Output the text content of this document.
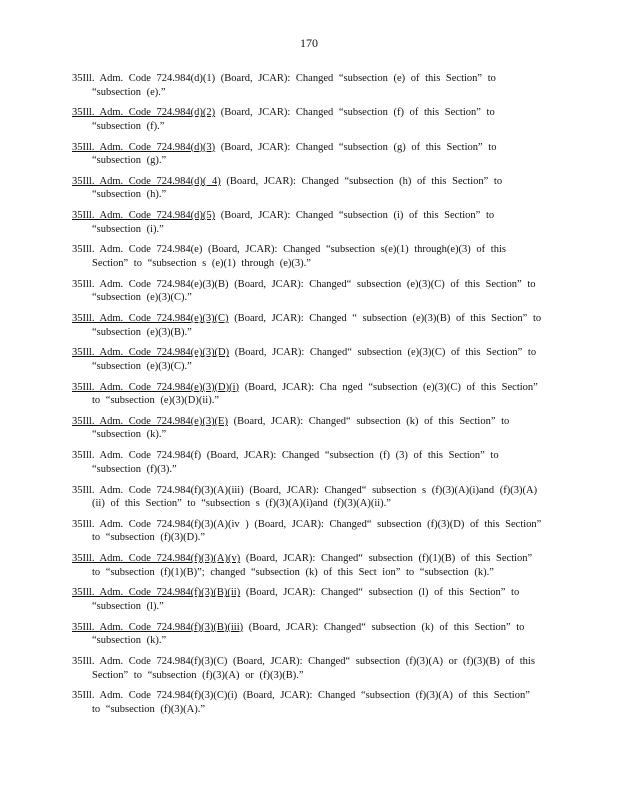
170

35Ill. Adm. Code 724.984(d)(1) (Board, JCAR): Changed “subsection (e) of this Section” to “subsection (e).”

35Ill. Adm. Code 724.984(d)(2) (Board, JCAR): Changed “subsection (f) of this Section” to “subsection (f).”

35Ill. Adm. Code 724.984(d)(3) (Board, JCAR): Changed “subsection (g) of this Section” to “subsection (g).”

35Ill. Adm. Code 724.984(d)( 4) (Board, JCAR): Changed “subsection (h) of this Section” to “subsection (h).”

35Ill. Adm. Code 724.984(d)(5) (Board, JCAR): Changed “subsection (i) of this Section” to “subsection (i).”

35Ill. Adm. Code 724.984(e) (Board, JCAR): Changed “subsection s(e)(1) through(e)(3) of this Section” to “subsection s (e)(1) through (e)(3).”

35Ill. Adm. Code 724.984(e)(3)(B) (Board, JCAR): Changed“ subsection (e)(3)(C) of this Section” to “subsection (e)(3)(C).”

35Ill. Adm. Code 724.984(e)(3)(C) (Board, JCAR): Changed “ subsection (e)(3)(B) of this Section” to “subsection (e)(3)(B).”

35Ill. Adm. Code 724.984(e)(3)(D) (Board, JCAR): Changed“ subsection (e)(3)(C) of this Section” to “subsection (e)(3)(C).”

35Ill. Adm. Code 724.984(e)(3)(D)(i) (Board, JCAR): Cha nged “subsection (e)(3)(C) of this Section” to “subsection (e)(3)(D)(ii).”

35Ill. Adm. Code 724.984(e)(3)(E) (Board, JCAR): Changed“ subsection (k) of this Section” to “subsection (k).”

35Ill. Adm. Code 724.984(f) (Board, JCAR): Changed “subsection (f) (3) of this Section” to “subsection (f)(3).”

35Ill. Adm. Code 724.984(f)(3)(A)(iii) (Board, JCAR): Changed“ subsection s (f)(3)(A)(i)and (f)(3)(A)(ii) of this Section” to “subsection s (f)(3)(A)(i)and (f)(3)(A)(ii).”

35Ill. Adm. Code 724.984(f)(3)(A)(iv ) (Board, JCAR): Changed“ subsection (f)(3)(D) of this Section” to “subsection (f)(3)(D).”

35Ill. Adm. Code 724.984(f)(3)(A)(v) (Board, JCAR): Changed“ subsection (f)(1)(B) of this Section” to “subsection (f)(1)(B)”; changed “subsection (k) of this Sect ion” to “subsection (k).”

35Ill. Adm. Code 724.984(f)(3)(B)(ii) (Board, JCAR): Changed“ subsection (l) of this Section” to “subsection (l).”

35Ill. Adm. Code 724.984(f)(3)(B)(iii) (Board, JCAR): Changed“ subsection (k) of this Section” to “subsection (k).”

35Ill. Adm. Code 724.984(f)(3)(C) (Board, JCAR): Changed“ subsection (f)(3)(A) or (f)(3)(B) of this Section” to “subsection (f)(3)(A) or (f)(3)(B).”

35Ill. Adm. Code 724.984(f)(3)(C)(i) (Board, JCAR): Changed “subsection (f)(3)(A) of this Section” to “subsection (f)(3)(A).”
